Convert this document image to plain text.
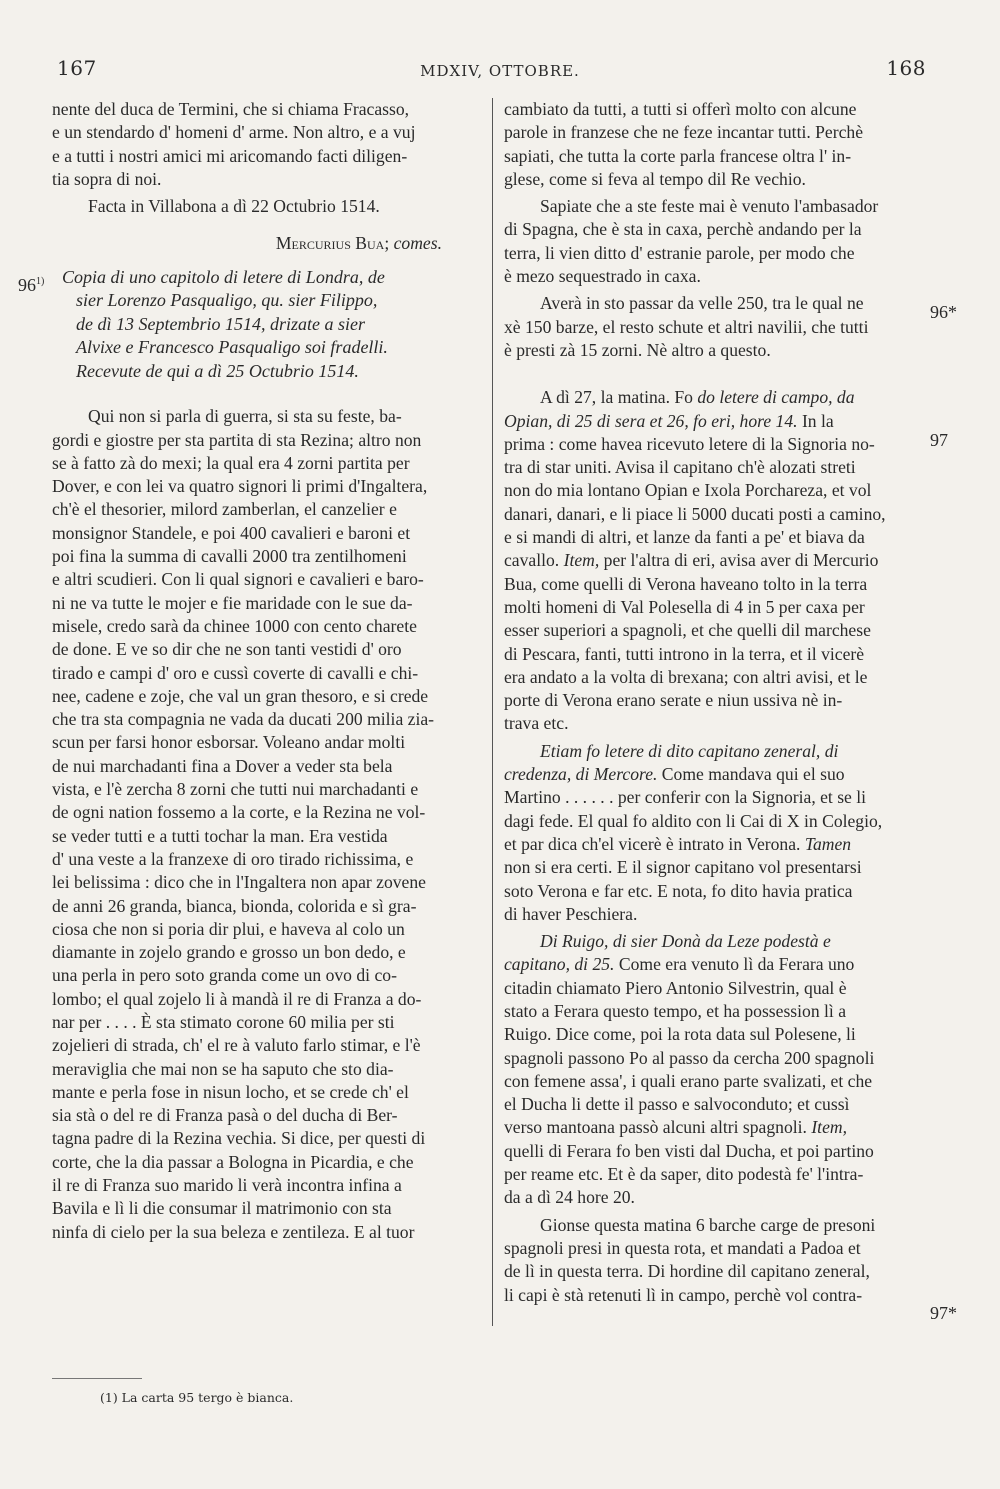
167	MDXIV, OTTOBRE.	168

nente del duca de Termini, che si chiama Fracasso,

e un stendardo d' homeni d' arme. Non altro, e a vuj

e a tutti i nostri amici mi aricomando facti diligen-

tia sopra di noi.

Facta in Villabona a dì 22 Octubrio 1514.

Mercurius Bua; comes.

Copia di uno capitolo di letere di Londra, de

sier Lorenzo Pasqualigo, qu. sier Filippo,

de dì 13 Septembrio 1514, drizate a sier

Alvixe e Francesco Pasqualigo soi fradelli.

Recevute de qui a dì 25 Octubrio 1514.

Qui non si parla di guerra, si sta su feste, ba-

gordi e giostre per sta partita di sta Rezina; altro non

se à fatto zà do mexi; la qual era 4 zorni partita per

Dover, e con lei va quatro signori li primi d'Ingaltera,

ch'è el thesorier, milord zamberlan, el canzelier e

monsignor Standele, e poi 400 cavalieri e baroni et

poi fina la summa di cavalli 2000 tra zentilhomeni

e altri scudieri. Con li qual signori e cavalieri e baro-

ni ne va tutte le mojer e fie maridade con le sue da-

misele, credo sarà da chinee 1000 con cento charete

de done. E ve so dir che ne son tanti vestidi d' oro

tirado e campi d' oro e cussì coverte di cavalli e chi-

nee, cadene e zoje, che val un gran thesoro, e si crede

che tra sta compagnia ne vada da ducati 200 milia zia-

scun per farsi honor esborsar. Voleano andar molti

de nui marchadanti fina a Dover a veder sta bela

vista, e l'è zercha 8 zorni che tutti nui marchadanti e

de ogni nation fossemo a la corte, e la Rezina ne vol-

se veder tutti e a tutti tochar la man. Era vestida

d' una veste a la franzexe di oro tirado richissima, e

lei belissima : dico che in l'Ingaltera non apar zovene

de anni 26 granda, bianca, bionda, colorida e sì gra-

ciosa che non si poria dir plui, e haveva al colo un

diamante in zojelo grando e grosso un bon dedo, e

una perla in pero soto granda come un ovo di co-

lombo; el qual zojelo li à mandà il re di Franza a do-

nar per . . . . È sta stimato corone 60 milia per sti

zojelieri di strada, ch' el re à valuto farlo stimar, e l'è

meraviglia che mai non se ha saputo che sto dia-

mante e perla fose in nisun locho, et se crede ch' el

sia stà o del re di Franza pasà o del ducha di Ber-

tagna padre di la Rezina vechia. Si dice, per questi di

corte, che la dia passar a Bologna in Picardia, e che

il re di Franza suo marido li verà incontra infina a

Bavila e lì li die consumar il matrimonio con sta

ninfa di cielo per la sua beleza e zentileza. E al tuor

cambiato da tutti, a tutti si offerì molto con alcune

parole in franzese che ne feze incantar tutti. Perchè

sapiati, che tutta la corte parla francese oltra l' in-

glese, come si feva al tempo dil Re vechio.

Sapiate che a ste feste mai è venuto l'ambasador

di Spagna, che è sta in caxa, perchè andando per la

terra, li vien ditto d' estranie parole, per modo che

è mezo sequestrado in caxa.

Averà in sto passar da velle 250, tra le qual ne

xè 150 barze, el resto schute et altri navilii, che tutti

è presti zà 15 zorni. Nè altro a questo.

A dì 27, la matina. Fo do letere di campo, da

Opian, di 25 di sera et 26, fo eri, hore 14. In la

prima : come havea ricevuto letere di la Signoria no-

tra di star uniti. Avisa il capitano ch'è alozati streti

non do mia lontano Opian e Ixola Porchareza, et vol

danari, danari, e li piace li 5000 ducati posti a camino,

e si mandi di altri, et lanze da fanti a pe' et biava da

cavallo. Item, per l'altra di eri, avisa aver di Mercurio

Bua, come quelli di Verona haveano tolto in la terra

molti homeni di Val Polesella di 4 in 5 per caxa per

esser superiori a spagnoli, et che quelli dil marchese

di Pescara, fanti, tutti introno in la terra, et il vicerè

era andato a la volta di brexana; con altri avisi, et le

porte di Verona erano serate e niun ussiva nè in-

trava etc.

Etiam fo letere di dito capitano zeneral, di

credenza, di Mercore. Come mandava qui el suo

Martino . . . . . . per conferir con la Signoria, et se li

dagi fede. El qual fo aldito con li Cai di X in Colegio,

et par dica ch'el vicerè è intrato in Verona. Tamen

non si era certi. E il signor capitano vol presentarsi

soto Verona e far etc. E nota, fo dito havia pratica

di haver Peschiera.

Di Ruigo, di sier Donà da Leze podestà e

capitano, di 25. Come era venuto lì da Ferara uno

citadin chiamato Piero Antonio Silvestrin, qual è

stato a Ferara questo tempo, et ha possession lì a

Ruigo. Dice come, poi la rota data sul Polesene, li

spagnoli passono Po al passo da cercha 200 spagnoli

con femene assa', i quali erano parte svalizati, et che

el Ducha li dette il passo e salvoconduto; et cussì

verso mantoana passò alcuni altri spagnoli. Item,

quelli di Ferara fo ben visti dal Ducha, et poi partino

per reame etc. Et è da saper, dito podestà fe' l'intra-

da a dì 24 hore 20.

Gionse questa matina 6 barche carge de presoni

spagnoli presi in questa rota, et mandati a Padoa et

de lì in questa terra. Di hordine dil capitano zeneral,

li capi è stà retenuti lì in campo, perchè vol contra-

96$^{1)}$
96*
97
97*
(1) La carta 95 tergo è bianca.
